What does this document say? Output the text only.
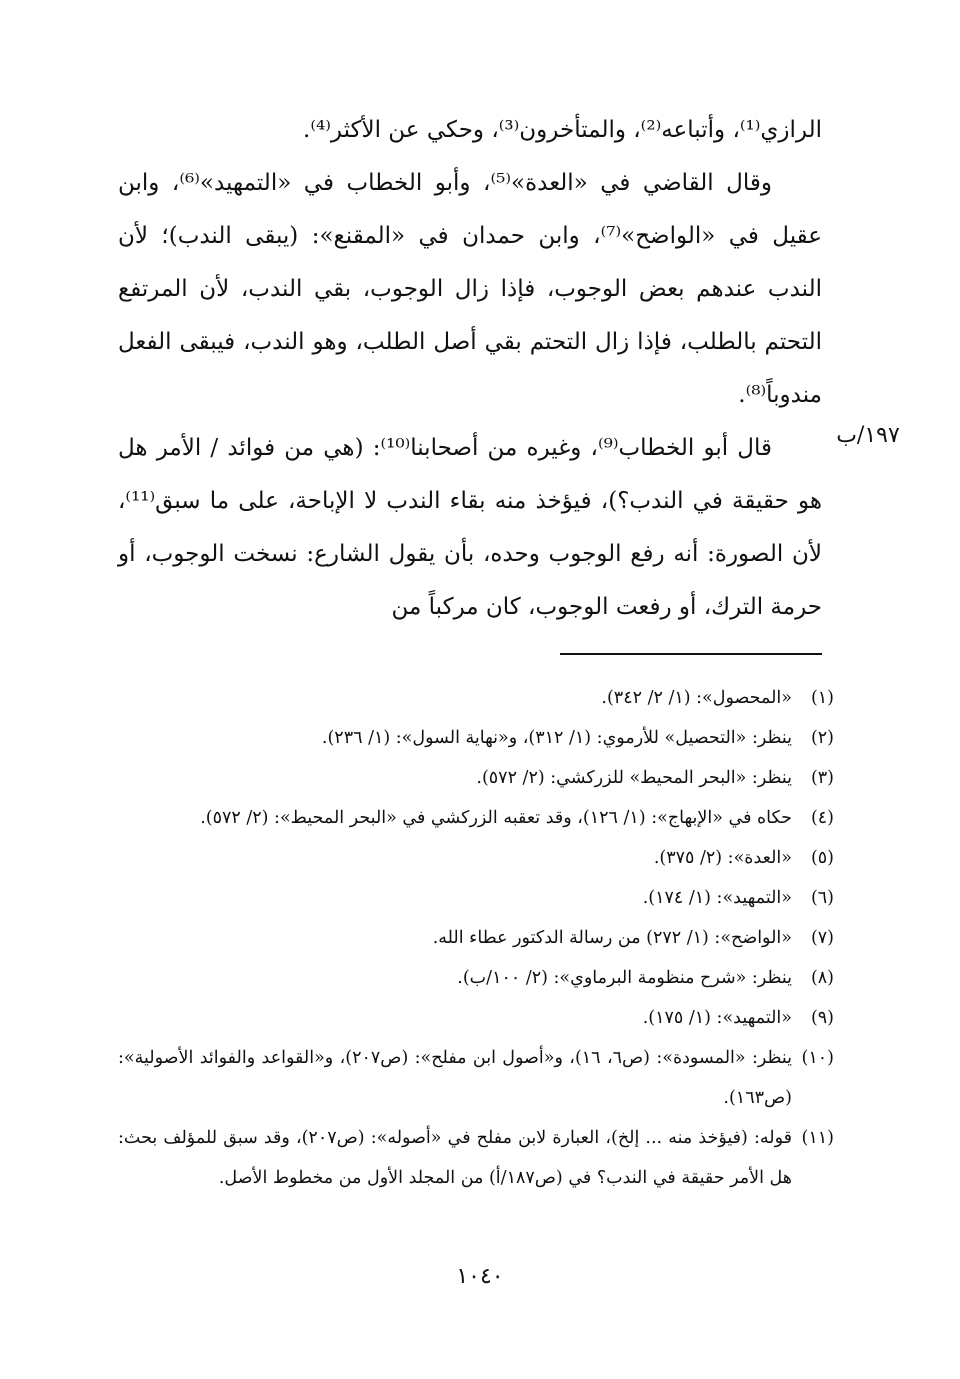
الرازي⁽¹⁾، وأتباعه⁽²⁾، والمتأخرون⁽³⁾، وحكي عن الأكثر⁽⁴⁾.

وقال القاضي في «العدة»⁽⁵⁾، وأبو الخطاب في «التمهيد»⁽⁶⁾، وابن عقيل في «الواضح»⁽⁷⁾، وابن حمدان في «المقنع»: (يبقى الندب)؛ لأن الندب عندهم بعض الوجوب، فإذا زال الوجوب، بقي الندب، لأن المرتفع التحتم بالطلب، فإذا زال التحتم بقي أصل الطلب، وهو الندب، فيبقى الفعل مندوباً⁽⁸⁾.

قال أبو الخطاب⁽⁹⁾، وغيره من أصحابنا⁽¹⁰⁾: (هي من فوائد / الأمر هل هو حقيقة في الندب؟)، فيؤخذ منه بقاء الندب لا الإباحة، على ما سبق⁽¹¹⁾، لأن الصورة: أنه رفع الوجوب وحده، بأن يقول الشارع: نسخت الوجوب، أو حرمة الترك، أو رفعت الوجوب، كان مركباً من

١٩٧/ب
(١)
«المحصول»: (١/ ٢/ ٣٤٢).
(٢)
ينظر: «التحصيل» للأرموي: (١/ ٣١٢)، و«نهاية السول»: (١/ ٢٣٦).
(٣)
ينظر: «البحر المحيط» للزركشي: (٢/ ٥٧٢).
(٤)
حكاه في «الإبهاج»: (١/ ١٢٦)، وقد تعقبه الزركشي في «البحر المحيط»: (٢/ ٥٧٢).
(٥)
«العدة»: (٢/ ٣٧٥).
(٦)
«التمهيد»: (١/ ١٧٤).
(٧)
«الواضح»: (١/ ٢٧٢) من رسالة الدكتور عطاء الله.
(٨)
ينظر: «شرح منظومة البرماوي»: (٢/ ١٠٠/ب).
(٩)
«التمهيد»: (١/ ١٧٥).
(١٠)
ينظر: «المسودة»: (ص٦، ١٦)، و«أصول ابن مفلح»: (ص٢٠٧)، و«القواعد والفوائد الأصولية»: (ص١٦٣).
(١١)
قوله: (فيؤخذ منه ... إلخ)، العبارة لابن مفلح في «أصوله»: (ص٢٠٧)، وقد سبق للمؤلف بحث: هل الأمر حقيقة في الندب؟ في (ص١٨٧/أ) من المجلد الأول من مخطوط الأصل.
١٠٤٠
